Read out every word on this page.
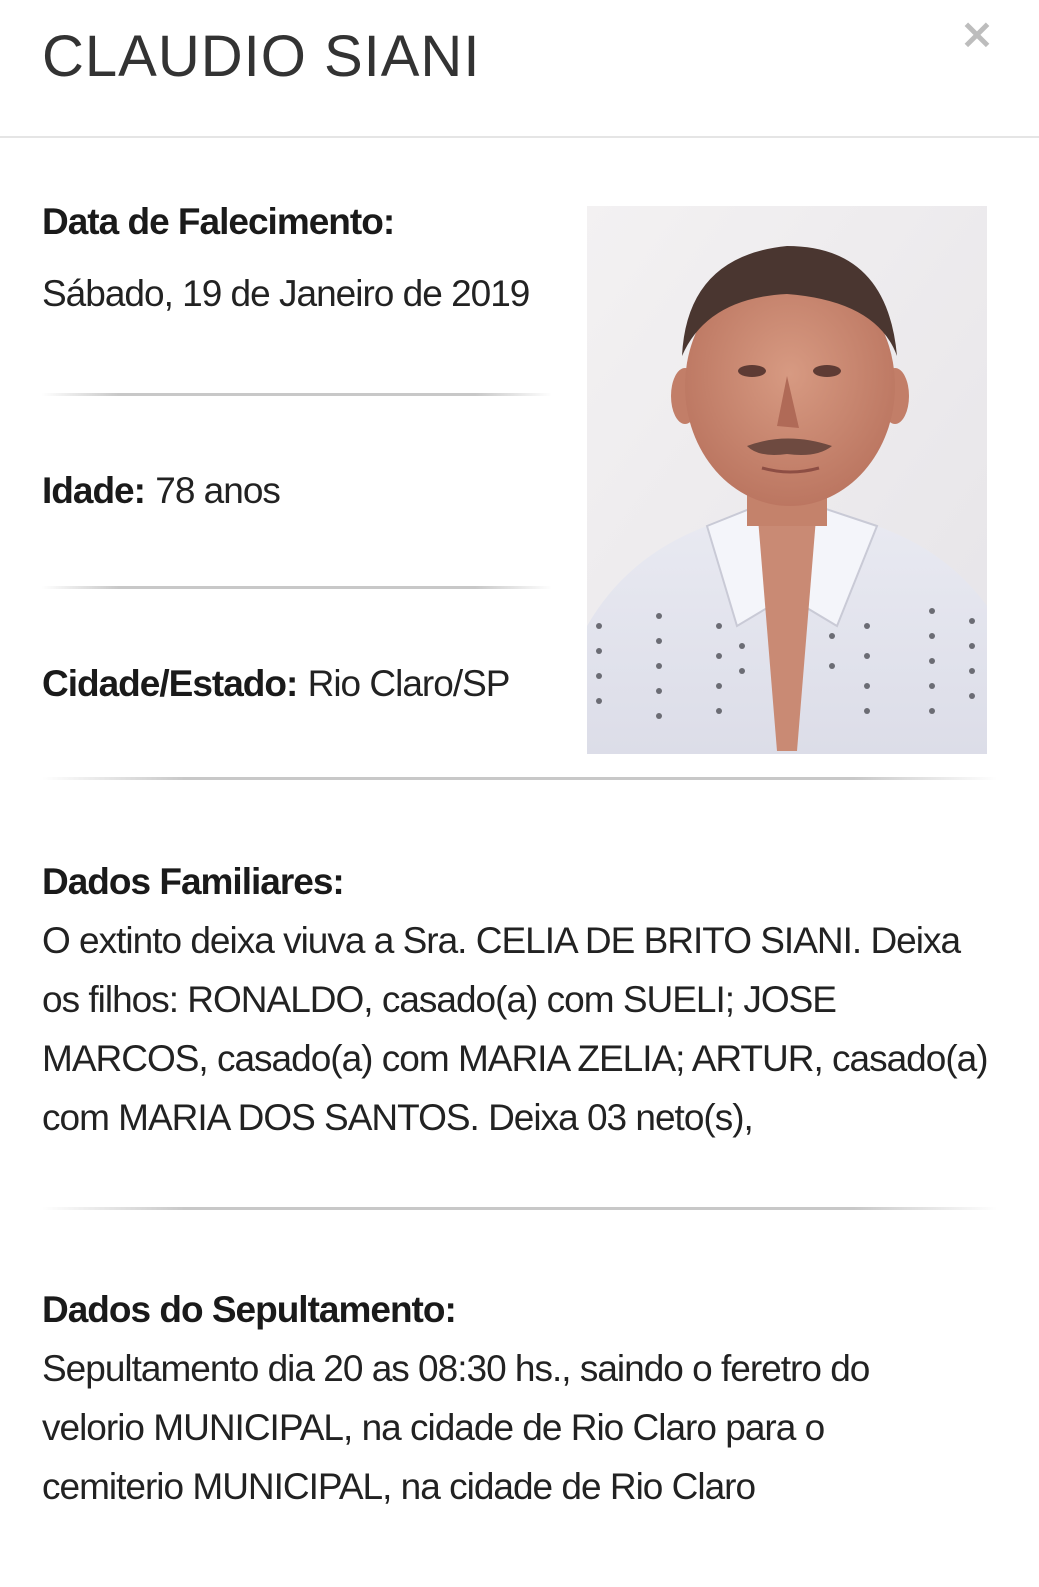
CLAUDIO SIANI	×
Data de Falecimento:
Sábado, 19 de Janeiro de 2019
Idade: 78 anos
Cidade/Estado: Rio Claro/SP
Dados Familiares:
O extinto deixa viuva a Sra. CELIA DE BRITO SIANI. Deixa os filhos: RONALDO, casado(a) com SUELI; JOSE MARCOS, casado(a) com MARIA ZELIA; ARTUR, casado(a) com MARIA DOS SANTOS. Deixa 03 neto(s),
Dados do Sepultamento:
Sepultamento dia 20 as 08:30 hs., saindo o feretro do velorio MUNICIPAL, na cidade de Rio Claro para o cemiterio MUNICIPAL, na cidade de Rio Claro
